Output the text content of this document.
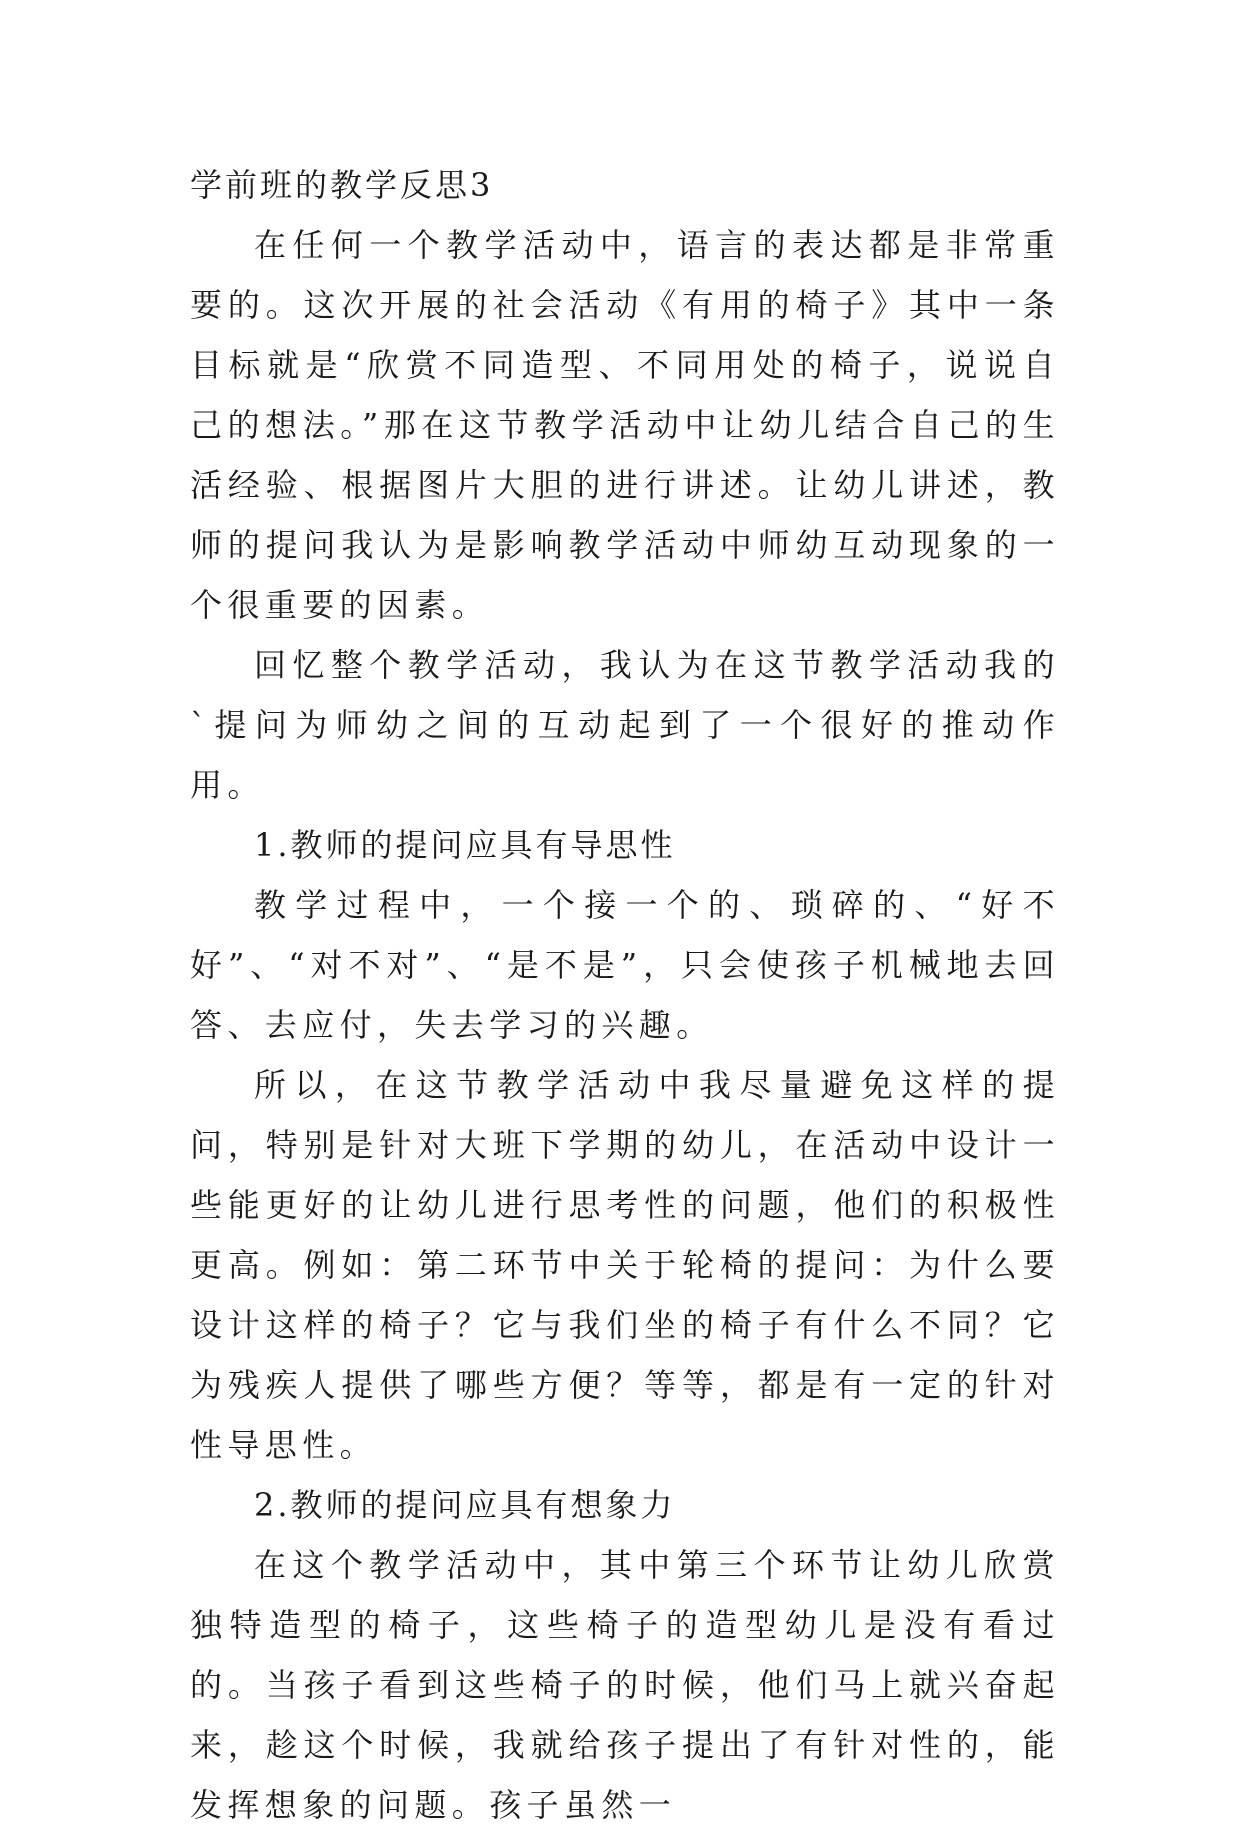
学前班的教学反思3

在任何一个教学活动中，语言的表达都是非常重要的。这次开展的社会活动《有用的椅子》其中一条目标就是“欣赏不同造型、不同用处的椅子，说说自己的想法。”那在这节教学活动中让幼儿结合自己的生活经验、根据图片大胆的进行讲述。让幼儿讲述，教师的提问我认为是影响教学活动中师幼互动现象的一个很重要的因素。

回忆整个教学活动，我认为在这节教学活动我的`提问为师幼之间的互动起到了一个很好的推动作用。

1.教师的提问应具有导思性

教学过程中，一个接一个的、琐碎的、“好不好”、“对不对”、“是不是”，只会使孩子机械地去回答、去应付，失去学习的兴趣。

所以，在这节教学活动中我尽量避免这样的提问，特别是针对大班下学期的幼儿，在活动中设计一些能更好的让幼儿进行思考性的问题，他们的积极性更高。例如：第二环节中关于轮椅的提问：为什么要设计这样的椅子？它与我们坐的椅子有什么不同？它为残疾人提供了哪些方便？等等，都是有一定的针对性导思性。

2.教师的提问应具有想象力

在这个教学活动中，其中第三个环节让幼儿欣赏独特造型的椅子，这些椅子的造型幼儿是没有看过的。当孩子看到这些椅子的时候，他们马上就兴奋起来，趁这个时候，我就给孩子提出了有针对性的，能发挥想象的问题。孩子虽然一
